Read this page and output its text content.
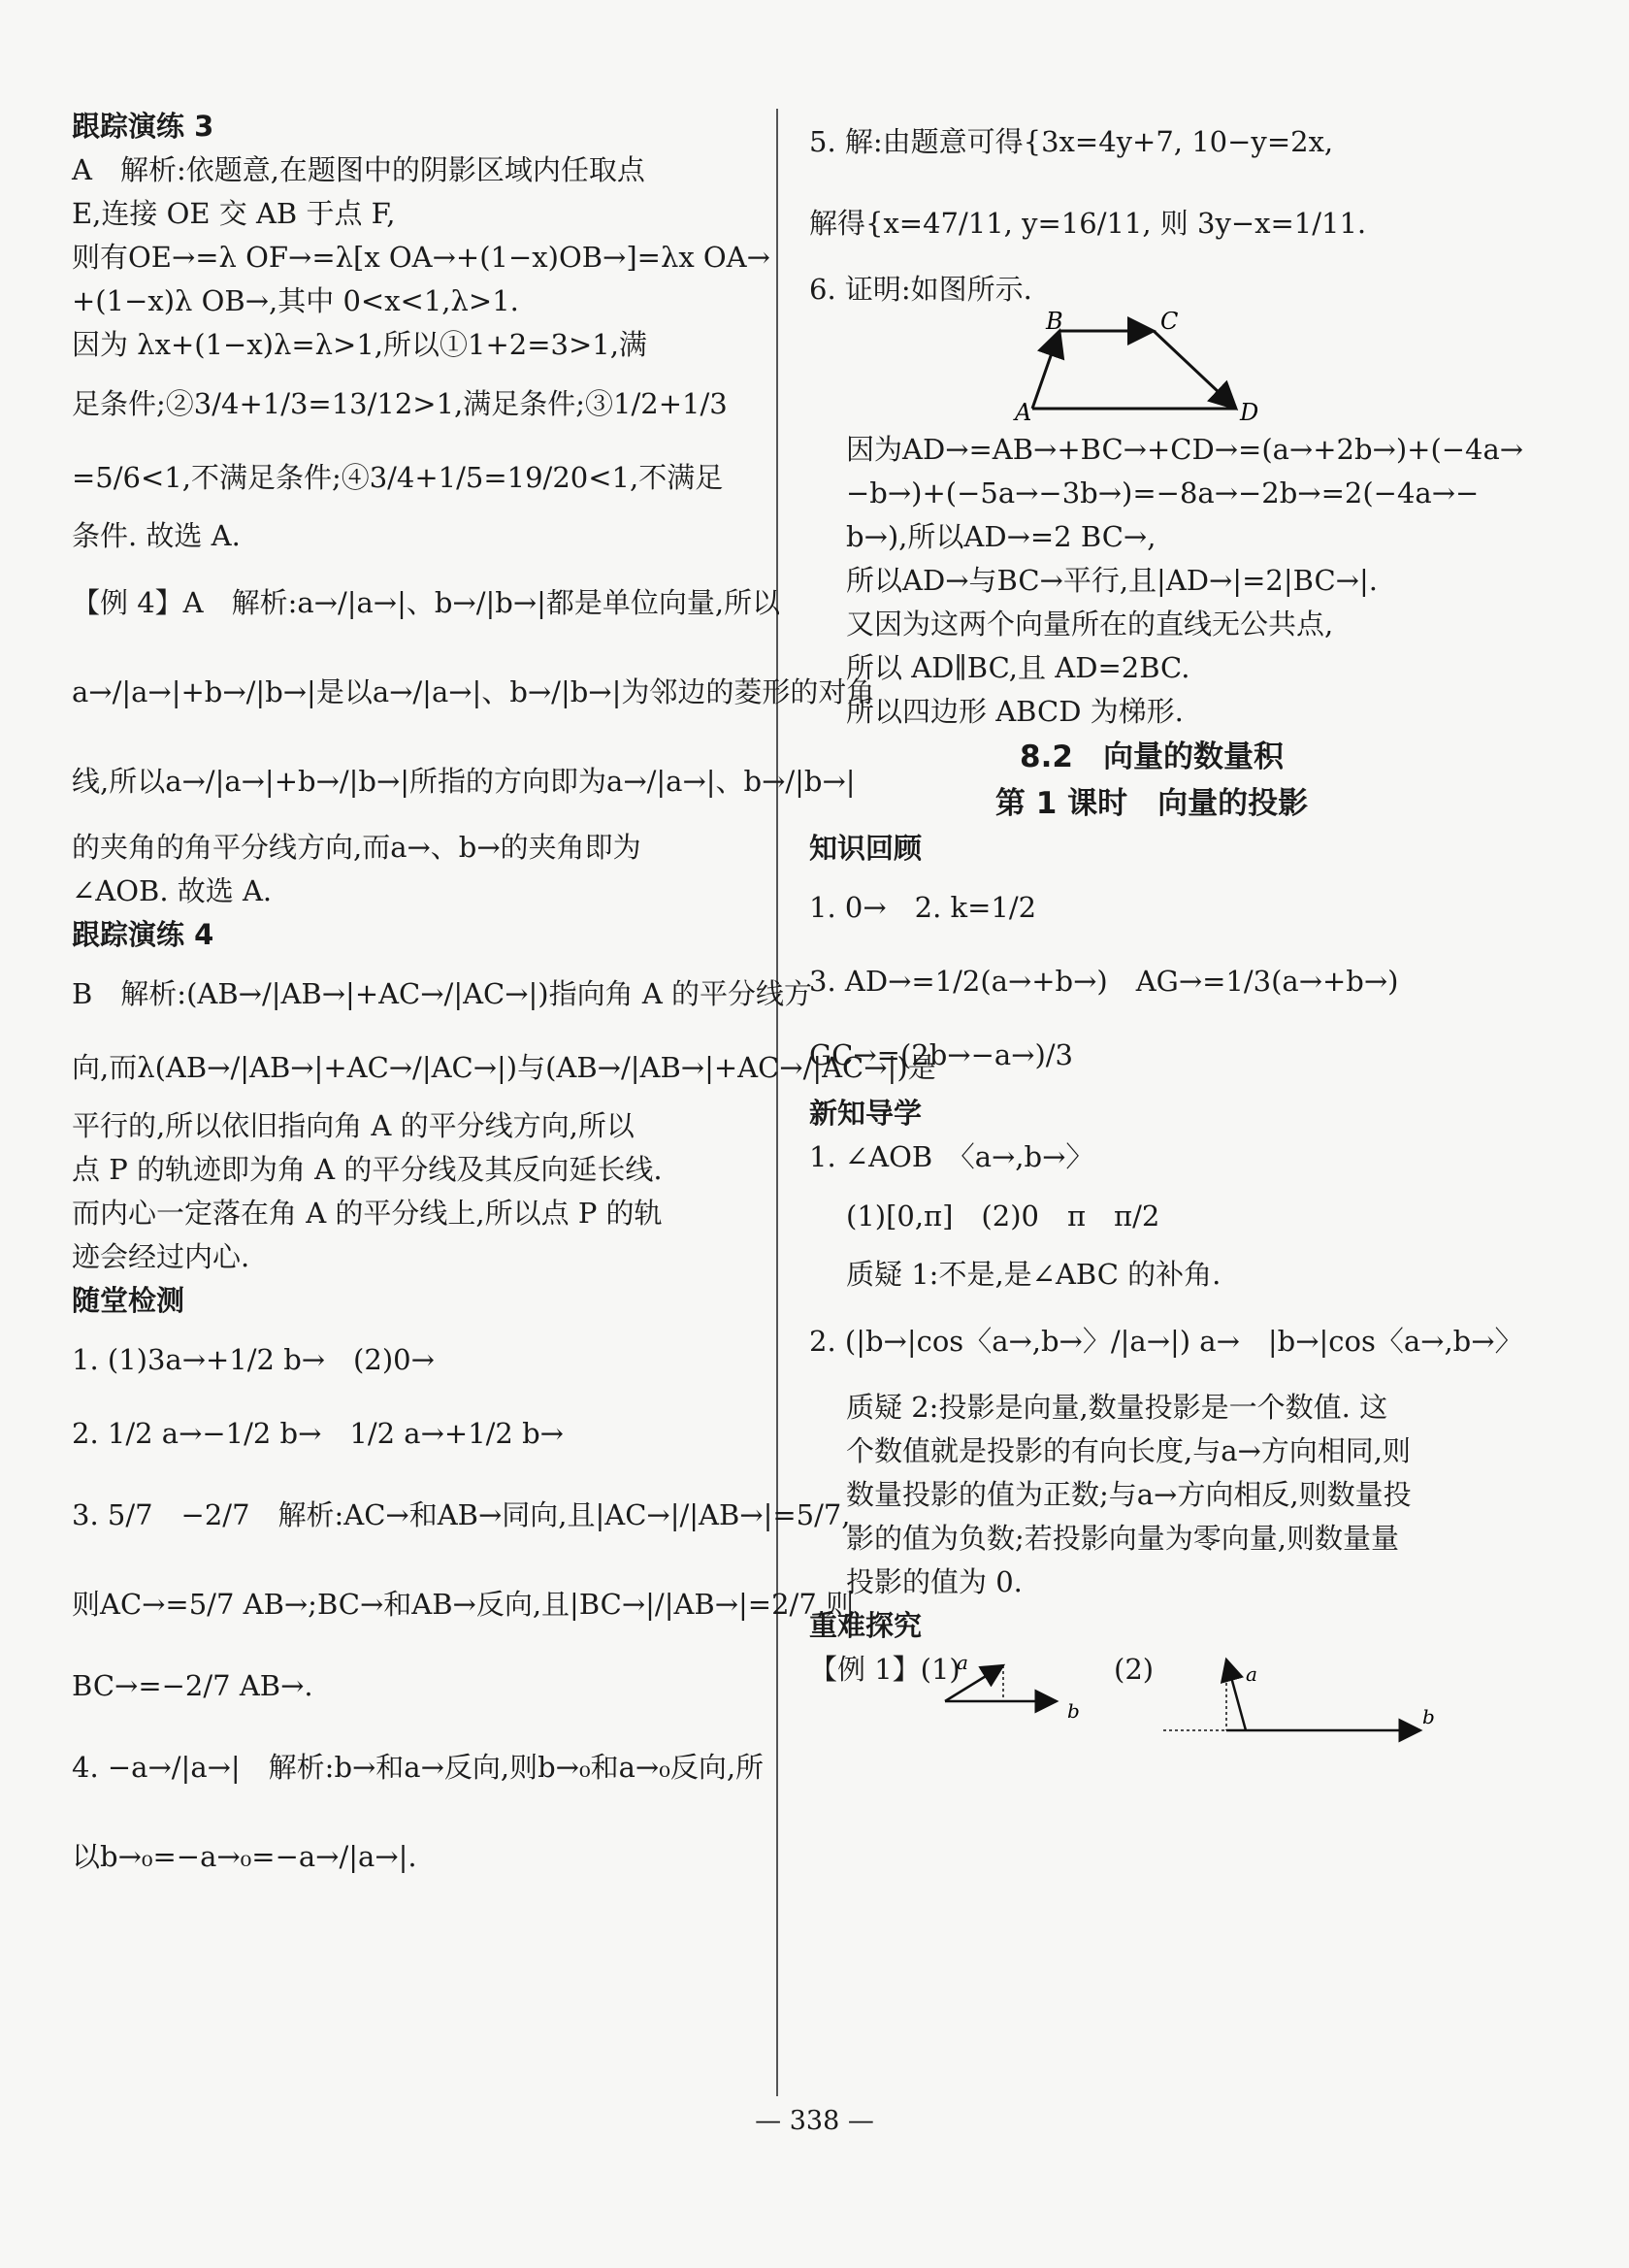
跟踪演练 3
A　解析:依题意,在题图中的阴影区域内任取点
E,连接 OE 交 AB 于点 F,
则有OE→=λ OF→=λ[x OA→+(1−x)OB→]=λx OA→
+(1−x)λ OB→,其中 0<x<1,λ>1.
因为 λx+(1−x)λ=λ>1,所以①1+2=3>1,满
足条件;②3/4+1/3=13/12>1,满足条件;③1/2+1/3
=5/6<1,不满足条件;④3/4+1/5=19/20<1,不满足
条件. 故选 A.
【例 4】A　解析:a→/|a→|、b→/|b→|都是单位向量,所以
a→/|a→|+b→/|b→|是以a→/|a→|、b→/|b→|为邻边的菱形的对角
线,所以a→/|a→|+b→/|b→|所指的方向即为a→/|a→|、b→/|b→|
的夹角的角平分线方向,而a→、b→的夹角即为
∠AOB. 故选 A.
跟踪演练 4
B　解析:(AB→/|AB→|+AC→/|AC→|)指向角 A 的平分线方
向,而λ(AB→/|AB→|+AC→/|AC→|)与(AB→/|AB→|+AC→/|AC→|)是
平行的,所以依旧指向角 A 的平分线方向,所以
点 P 的轨迹即为角 A 的平分线及其反向延长线.
而内心一定落在角 A 的平分线上,所以点 P 的轨
迹会经过内心.
随堂检测
1. (1)3a→+1/2 b→　(2)0→
2. 1/2 a→−1/2 b→　1/2 a→+1/2 b→
3. 5/7　−2/7　解析:AC→和AB→同向,且|AC→|/|AB→|=5/7,
则AC→=5/7 AB→;BC→和AB→反向,且|BC→|/|AB→|=2/7,则
BC→=−2/7 AB→.
4. −a→/|a→|　解析:b→和a→反向,则b→₀和a→₀反向,所
以b→₀=−a→₀=−a→/|a→|.
5. 解:由题意可得{3x=4y+7, 10−y=2x,
解得{x=47/11, y=16/11, 则 3y−x=1/11.
6. 证明:如图所示.
A
B	C
D
因为AD→=AB→+BC→+CD→=(a→+2b→)+(−4a→
−b→)+(−5a→−3b→)=−8a→−2b→=2(−4a→−
b→),所以AD→=2 BC→,
所以AD→与BC→平行,且|AD→|=2|BC→|.
又因为这两个向量所在的直线无公共点,
所以 AD∥BC,且 AD=2BC.
所以四边形 ABCD 为梯形.
8.2　向量的数量积
第 1 课时　向量的投影
知识回顾
1. 0→　2. k=1/2
3. AD→=1/2(a→+b→)　AG→=1/3(a→+b→)
GC→=(2b→−a→)/3
新知导学
1. ∠AOB　〈a→,b→〉
(1)[0,π]　(2)0　π　π/2
质疑 1:不是,是∠ABC 的补角.
2. (|b→|cos〈a→,b→〉/|a→|) a→　|b→|cos〈a→,b→〉
质疑 2:投影是向量,数量投影是一个数值. 这
个数值就是投影的有向长度,与a→方向相同,则
数量投影的值为正数;与a→方向相反,则数量投
影的值为负数;若投影向量为零向量,则数量量
投影的值为 0.
重难探究
【例 1】(1)
a
b
(2)	a
b
— 338 —
